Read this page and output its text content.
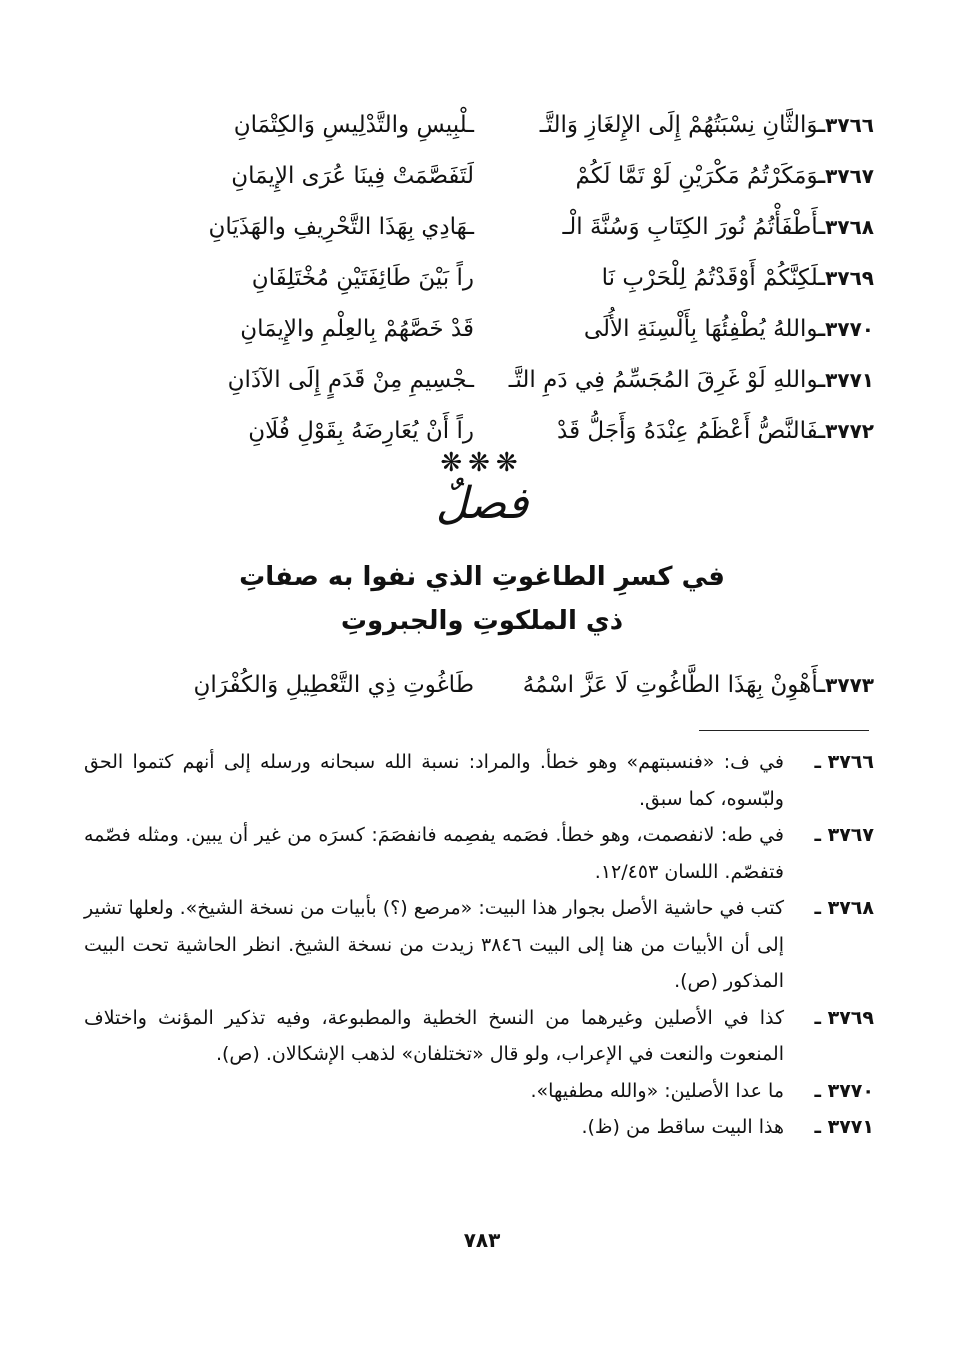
٣٧٦٦ـوَالثَّانِ نِسْبَتُهُمْ إِلَى الإِلغَازِ وَالتَّـ
ـلْبِيسِ والتَّدْلِيسِ وَالكِتْمَانِ
٣٧٦٧ـوَمَكَرْتُمُ مَكْرَيْنِ لَوْ تَمَّا لَكُمْ
لَتَفَصَّمَتْ فِينَا عُرَى الإِيمَانِ
٣٧٦٨ـأَطْفَأْتُمُ نُورَ الكِتَابِ وَسُنَّةَ الْـ
ـهَادِي بِهَذَا التَّحْرِيفِ والهَذَيَانِ
٣٧٦٩ـلَكِنَّكُمْ أَوْقَدْتُمُ لِلْحَرْبِ نَا
راً بَيْنَ طَائِفَتَيْنِ مُخْتَلِفَانِ
٣٧٧٠ـواللهُ يُطْفِئُهَا بِأَلْسِنَةِ الأُلَى
قَدْ خَصَّهُمْ بِالعِلْمِ والإِيمَانِ
٣٧٧١ـواللهِ لَوْ غَرِقَ المُجَسِّمُ فِي دَمِ التَّـ
ـجْسِيمِ مِنْ قَدَمٍ إِلَى الآذَانِ
٣٧٧٢ـفَالنَّصُّ أَعْظَمُ عِنْدَهُ وَأَجَلُّ قَدْ
راً أَنْ يُعَارِضَهُ بِقَوْلِ فُلَانِ
❋❋❋
فصلٌ
في كسرِ الطاغوتِ الذي نفوا به صفاتِ
ذي الملكوتِ والجبروتِ
٣٧٧٣ـأَهْوِنْ بِهَذَا الطَّاغُوتِ لَا عَزَّ اسْمُهُ
طَاغُوتِ ذِي التَّعْطِيلِ وَالكُفْرَانِ
٣٧٦٦ ـ
في ف: «فنسبتهم» وهو خطأ. والمراد: نسبة الله سبحانه ورسله إلى أنهم كتموا الحق ولبّسوه، كما سبق.
٣٧٦٧ ـ
في طه: لانفصمت، وهو خطأ. فصَمه يفصِمه فانفصَمَ: كسرَه من غير أن يبين. ومثله فصّمه فتفصّم. اللسان ١٢/٤٥٣.
٣٧٦٨ ـ
كتب في حاشية الأصل بجوار هذا البيت: «مرصع (؟) بأبيات من نسخة الشيخ». ولعلها تشير إلى أن الأبيات من هنا إلى البيت ٣٨٤٦ زيدت من نسخة الشيخ. انظر الحاشية تحت البيت المذكور (ص).
٣٧٦٩ ـ
كذا في الأصلين وغيرهما من النسخ الخطية والمطبوعة، وفيه تذكير المؤنث واختلاف المنعوت والنعت في الإعراب، ولو قال «تختلفان» لذهب الإشكالان. (ص).
٣٧٧٠ ـ
ما عدا الأصلين: «والله مطفيها».
٣٧٧١ ـ
هذا البيت ساقط من (ظ).
٧٨٣
